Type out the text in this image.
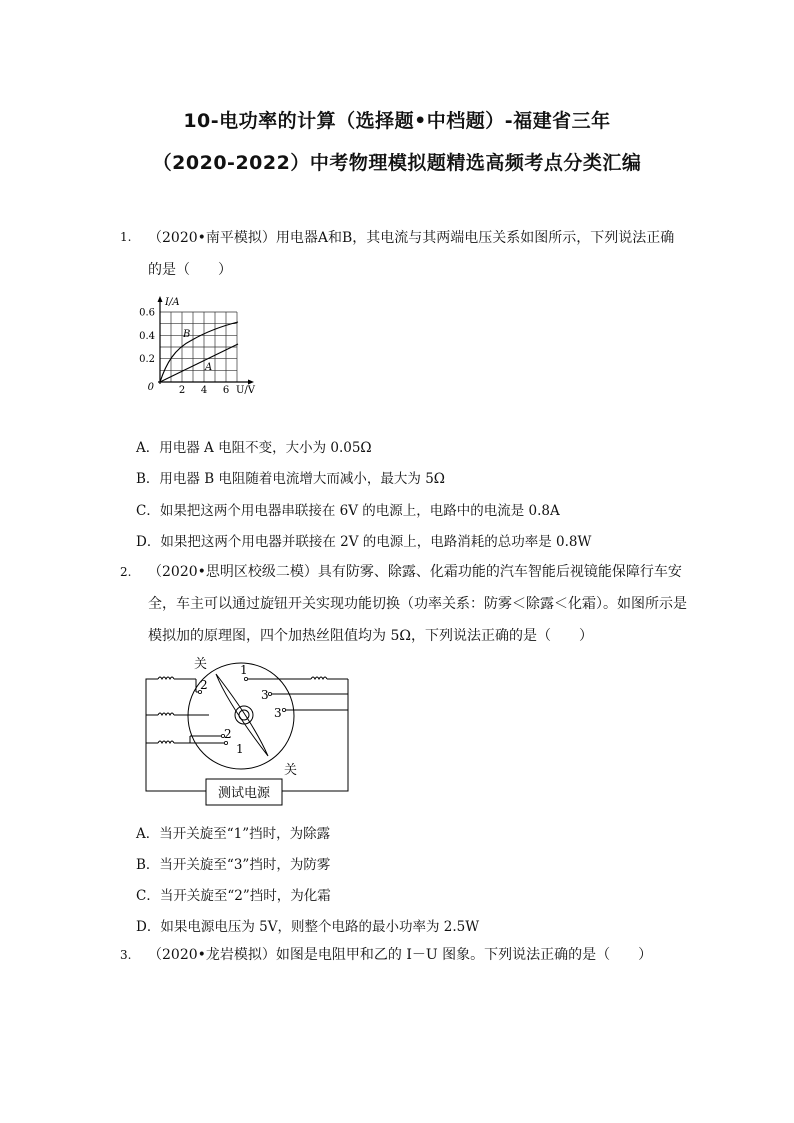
10-电功率的计算（选择题•中档题）-福建省三年
（2020-2022）中考物理模拟题精选高频考点分类汇编
1. （2020•南平模拟）用电器A和B，其电流与其两端电压关系如图所示，下列说法正确的是（　　）
I/A
0.6
0.4
0.2
0 2 4 6 U/V
B
A
A．用电器 A 电阻不变，大小为 0.05Ω
B．用电器 B 电阻随着电流增大而减小，最大为 5Ω
C．如果把这两个用电器串联接在 6V 的电源上，电路中的电流是 0.8A
D．如果把这两个用电器并联接在 2V 的电源上，电路消耗的总功率是 0.8W
2. （2020•思明区校级二模）具有防雾、除露、化霜功能的汽车智能后视镜能保障行车安全，车主可以通过旋钮开关实现功能切换（功率关系：防雾＜除露＜化霜）。如图所示是模拟加的原理图，四个加热丝阻值均为 5Ω，下列说法正确的是（　　）
测试电源
关
关
1
2
3
3
2
1
A．当开关旋至“1”挡时，为除露
B．当开关旋至“3”挡时，为防雾
C．当开关旋至“2”挡时，为化霜
D．如果电源电压为 5V，则整个电路的最小功率为 2.5W
3. （2020•龙岩模拟）如图是电阻甲和乙的 I－U 图象。下列说法正确的是（　　）
